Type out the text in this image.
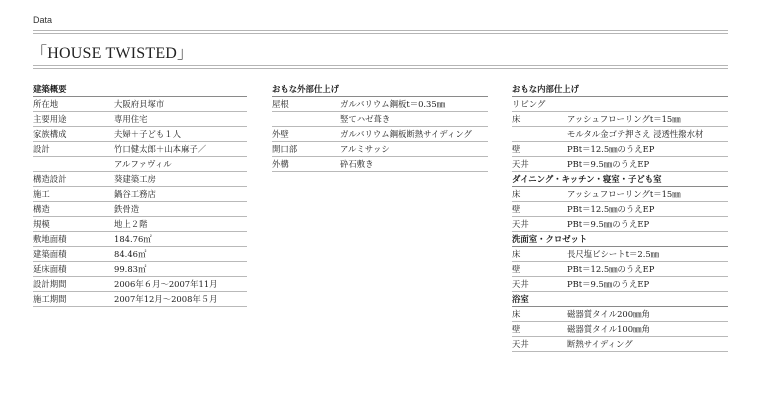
Data
「HOUSE TWISTED」
建築概要
所在地	大阪府貝塚市
主要用途	専用住宅
家族構成	夫婦＋子ども１人
設計	竹口健太郎＋山本麻子／
アルファヴィル
構造設計	葵建築工房
施工	鍋谷工務店
構造	鉄骨造
規模	地上２階
敷地面積	184.76㎡
建築面積	84.46㎡
延床面積	99.83㎡
設計期間	2006年６月～2007年11月
施工期間	2007年12月～2008年５月
おもな外部仕上げ
屋根	ガルバリウム鋼板t＝0.35㎜
竪てハゼ葺き
外壁	ガルバリウム鋼板断熱サイディング
開口部	アルミサッシ
外構	砕石敷き
おもな内部仕上げ
リビング
床	アッシュフローリングt＝15㎜
モルタル金ゴテ押さえ 浸透性撥水材
壁	PBt＝12.5㎜のうえEP
天井	PBt＝9.5㎜のうえEP
ダイニング・キッチン・寝室・子ども室
床	アッシュフローリングt＝15㎜
壁	PBt＝12.5㎜のうえEP
天井	PBt＝9.5㎜のうえEP
洗面室・クロゼット
床	長尺塩ビシートt＝2.5㎜
壁	PBt＝12.5㎜のうえEP
天井	PBt＝9.5㎜のうえEP
浴室
床	磁器質タイル200㎜角
壁	磁器質タイル100㎜角
天井	断熱サイディング
